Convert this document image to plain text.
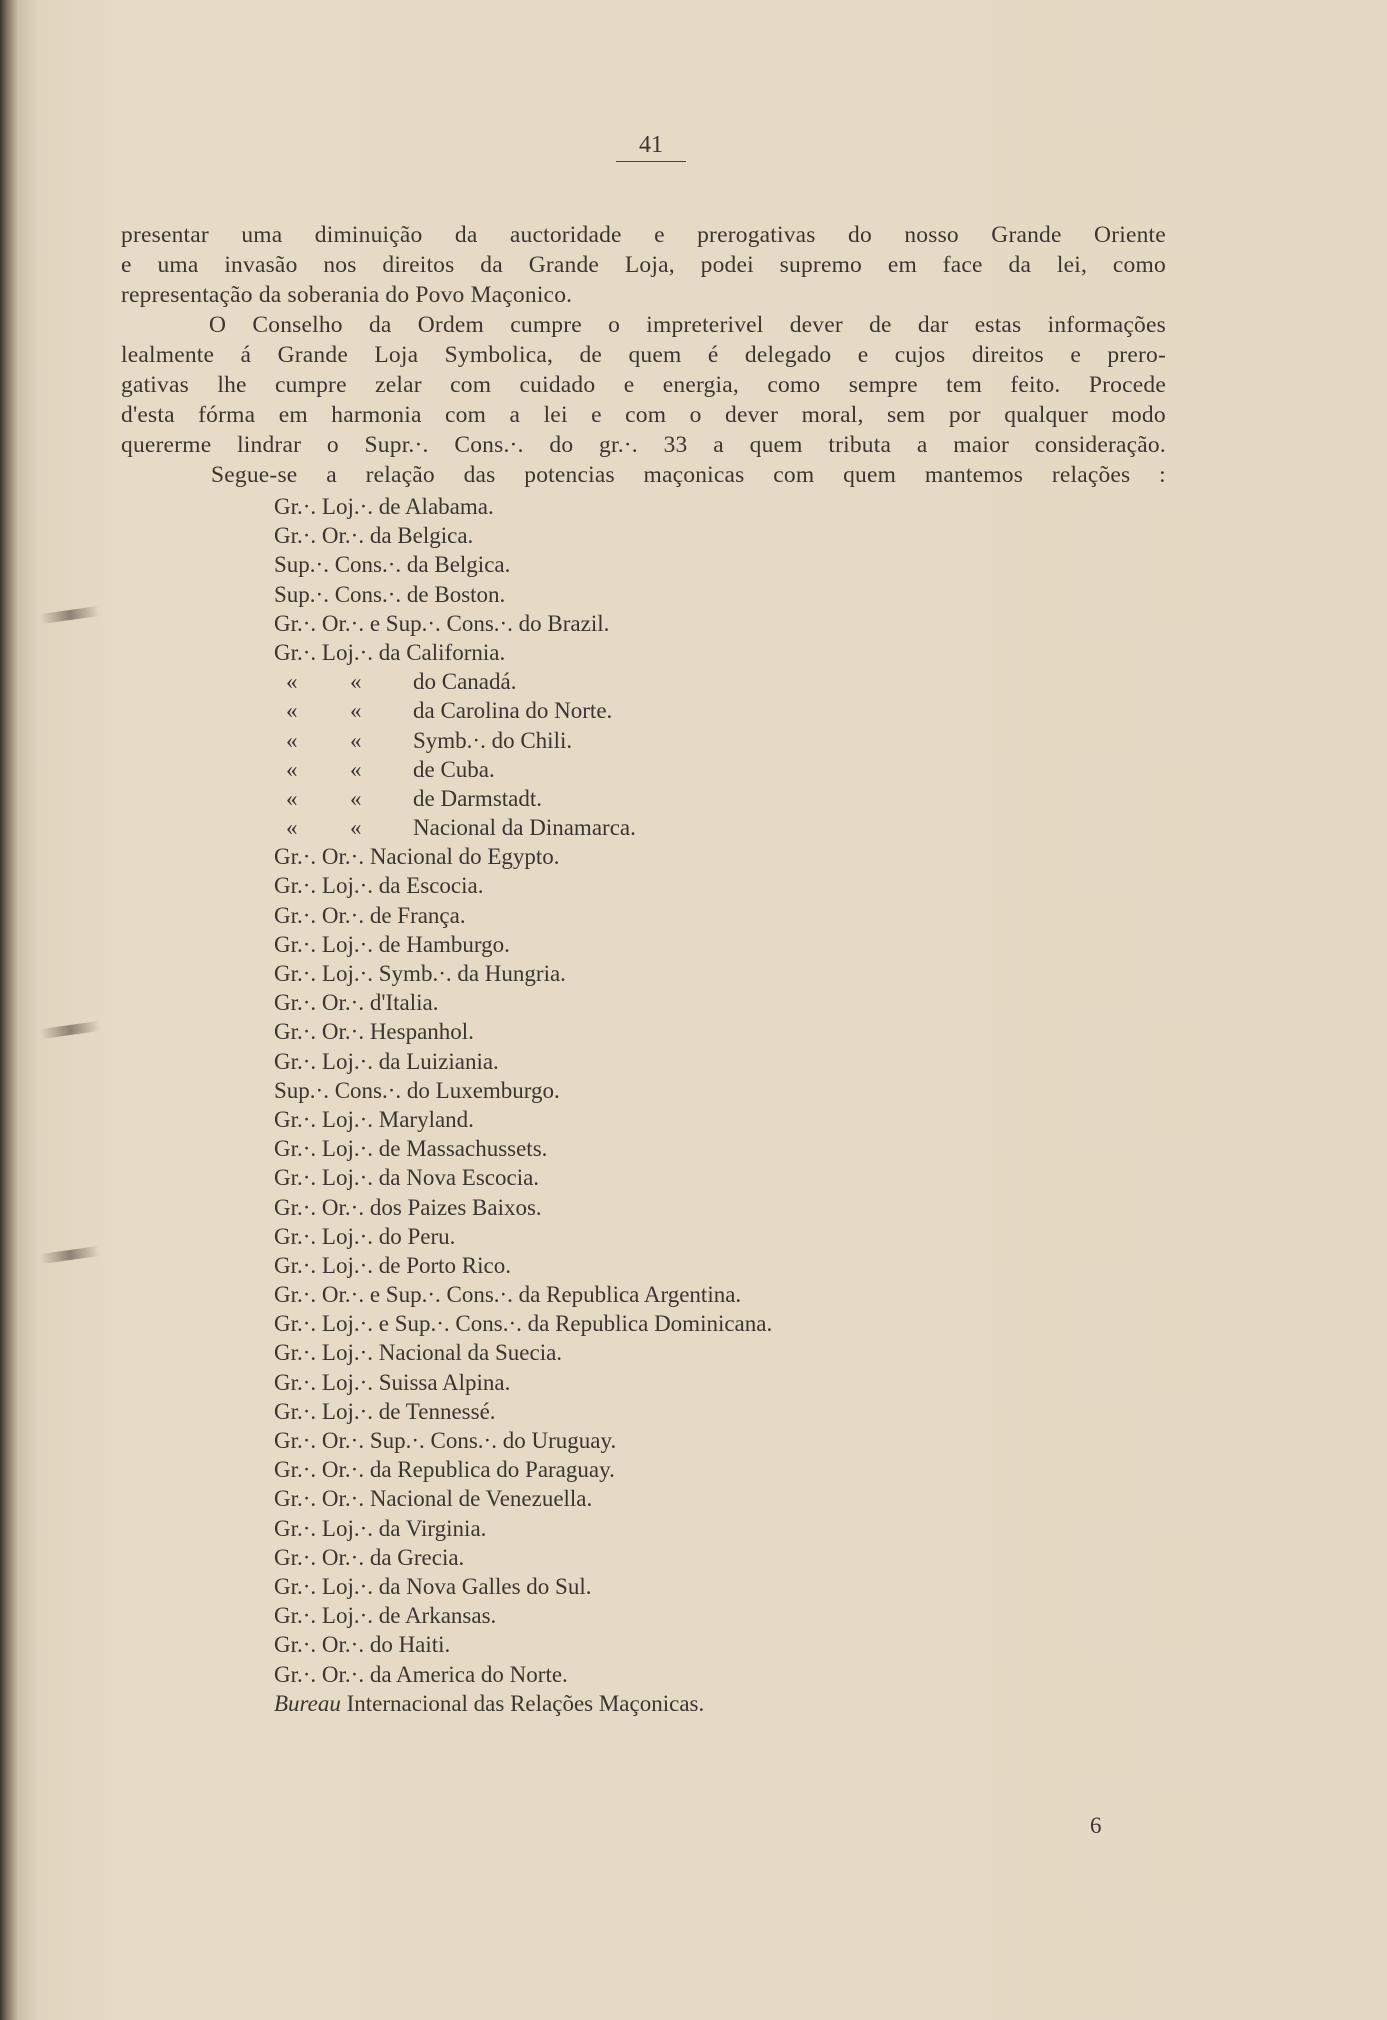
41
presentar uma diminuição da auctoridade e prerogativas do nosso Grande Oriente
e uma invasão nos direitos da Grande Loja, podei supremo em face da lei, como
representação da soberania do Povo Maçonico.
O Conselho da Ordem cumpre o impreterivel dever de dar estas informações
lealmente á Grande Loja Symbolica, de quem é delegado e cujos direitos e prero-
gativas lhe cumpre zelar com cuidado e energia, como sempre tem feito. Procede
d'esta fórma em harmonia com a lei e com o dever moral, sem por qualquer modo
quererme lindrar o Supr.·. Cons.·. do gr.·. 33 a quem tributa a maior consideração.
Segue-se a relação das potencias maçonicas com quem mantemos relações :
Gr.·. Loj.·. de Alabama.
Gr.·. Or.·. da Belgica.
Sup.·. Cons.·. da Belgica.
Sup.·. Cons.·. de Boston.
Gr.·. Or.·. e Sup.·. Cons.·. do Brazil.
Gr.·. Loj.·. da California.
« « do Canadá.
« « da Carolina do Norte.
« « Symb.·. do Chili.
« « de Cuba.
« « de Darmstadt.
« « Nacional da Dinamarca.
Gr.·. Or.·. Nacional do Egypto.
Gr.·. Loj.·. da Escocia.
Gr.·. Or.·. de França.
Gr.·. Loj.·. de Hamburgo.
Gr.·. Loj.·. Symb.·. da Hungria.
Gr.·. Or.·. d'Italia.
Gr.·. Or.·. Hespanhol.
Gr.·. Loj.·. da Luiziania.
Sup.·. Cons.·. do Luxemburgo.
Gr.·. Loj.·. Maryland.
Gr.·. Loj.·. de Massachussets.
Gr.·. Loj.·. da Nova Escocia.
Gr.·. Or.·. dos Paizes Baixos.
Gr.·. Loj.·. do Peru.
Gr.·. Loj.·. de Porto Rico.
Gr.·. Or.·. e Sup.·. Cons.·. da Republica Argentina.
Gr.·. Loj.·. e Sup.·. Cons.·. da Republica Dominicana.
Gr.·. Loj.·. Nacional da Suecia.
Gr.·. Loj.·. Suissa Alpina.
Gr.·. Loj.·. de Tennessé.
Gr.·. Or.·. Sup.·. Cons.·. do Uruguay.
Gr.·. Or.·. da Republica do Paraguay.
Gr.·. Or.·. Nacional de Venezuella.
Gr.·. Loj.·. da Virginia.
Gr.·. Or.·. da Grecia.
Gr.·. Loj.·. da Nova Galles do Sul.
Gr.·. Loj.·. de Arkansas.
Gr.·. Or.·. do Haiti.
Gr.·. Or.·. da America do Norte.
Bureau Internacional das Relações Maçonicas.
6
